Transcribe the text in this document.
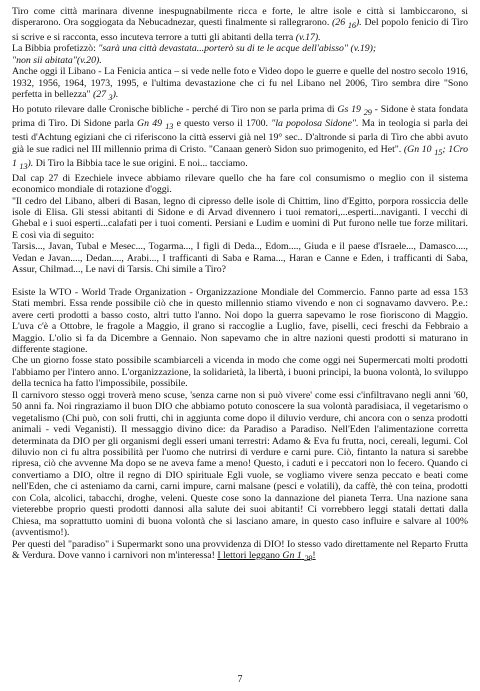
Tiro come città marinara divenne inespugnabilmente ricca e forte, le altre isole e città si lambiccarono, si disperarono. Ora soggiogata da Nebucadnezar, questi finalmente si rallegrarono. (26 $_{16}$). Del popolo fenicio di Tiro si scrive e si racconta, esso incuteva terrore a tutti gli abitanti della terra (v.17).

La Bibbia profetizzò: "sarà una città devastata...porterò su di te le acque dell'abisso" (v.19);
"non sii abitata"(v.20).

Anche oggi il Libano - La Fenicia antica – si vede nelle foto e Video dopo le guerre e quelle del nostro secolo 1916, 1932, 1956, 1964, 1973, 1995, e l'ultima devastazione che ci fu nel Libano nel 2006, Tiro sembra dire "Sono perfetta in bellezza" (27 $_3$).

Ho potuto rilevare dalle Cronische bibliche - perché di Tiro non se parla prima di Gs 19 $_{29}$ - Sidone è stata fondata prima di Tiro. Di Sidone parla Gn 49 $_{13}$ e questo verso il 1700. "la popolosa Sidone". Ma in teologia si parla dei testi d'Achtung egiziani che ci riferiscono la città esservi già nel 19° sec.. D'altronde si parla di Tiro che abbi avuto già le sue radici nel III millennio prima di Cristo. "Canaan generò Sidon suo primogenito, ed Het". (Gn 10 $_{15}$; 1Cro 1 $_{13}$). Di Tiro la Bibbia tace le sue origini. E noi... tacciamo.

Dal cap 27 di Ezechiele invece abbiamo rilevare quello che ha fare col consumismo o meglio con il sistema economico mondiale di rotazione d'oggi.

"Il cedro del Libano, alberi di Basan, legno di cipresso delle isole di Chittim, lino d'Egitto, porpora rossiccia delle isole di Elisa. Gli stessi abitanti di Sidone e di Arvad divennero i tuoi rematori,...esperti...naviganti. I vecchi di Ghebal e i suoi esperti...calafati per i tuoi comenti. Persiani e Ludim e uomini di Put furono nelle tue forze militari. E così via di seguito:

Tarsis..., Javan, Tubal e Mesec..., Togarma..., I figli di Deda.., Edom...., Giuda e il paese d'Israele..., Damasco...., Vedan e Javan...., Dedan...., Arabi..., I trafficanti di Saba e Rama..., Haran e Canne e Eden, i trafficanti di Saba, Assur, Chilmad..., Le navi di Tarsis. Chi simile a Tiro?

Esiste la WTO - World Trade Organization - Organizzazione Mondiale del Commercio. Fanno parte ad essa 153 Stati membri. Essa rende possibile ciò che in questo millennio stiamo vivendo e non ci sognavamo davvero. P.e.: avere certi prodotti a basso costo, altri tutto l'anno. Noi dopo la guerra sapevamo le rose fioriscono di Maggio. L'uva c'è a Ottobre, le fragole a Maggio, il grano si raccoglie a Luglio, fave, piselli, ceci freschi da Febbraio a Maggio. L'olio si fa da Dicembre a Gennaio. Non sapevamo che in altre nazioni questi prodotti si maturano in differente stagione.

Che un giorno fosse stato possibile scambiarceli a vicenda in modo che come oggi nei Supermercati molti prodotti l'abbiamo per l'intero anno. L'organizzazione, la solidarietà, la libertà, i buoni principi, la buona volontà, lo sviluppo della tecnica ha fatto l'impossibile, possibile.

Il carnivoro stesso oggi troverà meno scuse, 'senza carne non si può vivere' come essi c'infiltravano negli anni '60, 50 anni fa. Noi ringraziamo il buon DIO che abbiamo potuto conoscere la sua volontà paradisiaca, il vegetarismo o vegetalismo (Chi può, con soli frutti, chi in aggiunta come dopo il diluvio verdure, chi ancora con o senza prodotti animali - vedi Veganisti). Il messaggio divino dice: da Paradiso a Paradiso. Nell'Eden l'alimentazione corretta determinata da DIO per gli organismi degli esseri umani terrestri: Adamo & Eva fu frutta, noci, cereali, legumi. Col diluvio non ci fu altra possibilità per l'uomo che nutrirsi di verdure e carni pure. Ciò, fintanto la natura si sarebbe ripresa, ciò che avvenne Ma dopo se ne aveva fame a meno! Questo, i caduti e i peccatori non lo fecero. Quando ci convertiamo a DIO, oltre il regno di DIO spirituale Egli vuole, se vogliamo vivere senza peccato e beati come nell'Eden, che ci asteniamo da carni, carni impure, carni malsane (pesci e volatili), da caffè, thè con teina, prodotti con Cola, alcolici, tabacchi, droghe, veleni. Queste cose sono la dannazione del pianeta Terra. Una nazione sana vieterebbe proprio questi prodotti dannosi alla salute dei suoi abitanti! Ci vorrebbero leggi statali dettati dalla Chiesa, ma soprattutto uomini di buona volontà che si lasciano amare, in questo caso influire e salvare al 100% (avventismo!).

Per questi del "paradiso" i Supermarkt sono una provvidenza di DIO! Io stesso vado direttamente nel Reparto Frutta & Verdura. Dove vanno i carnivori non m'interessa! I lettori leggano Gn 1 $_{29}$!

7
